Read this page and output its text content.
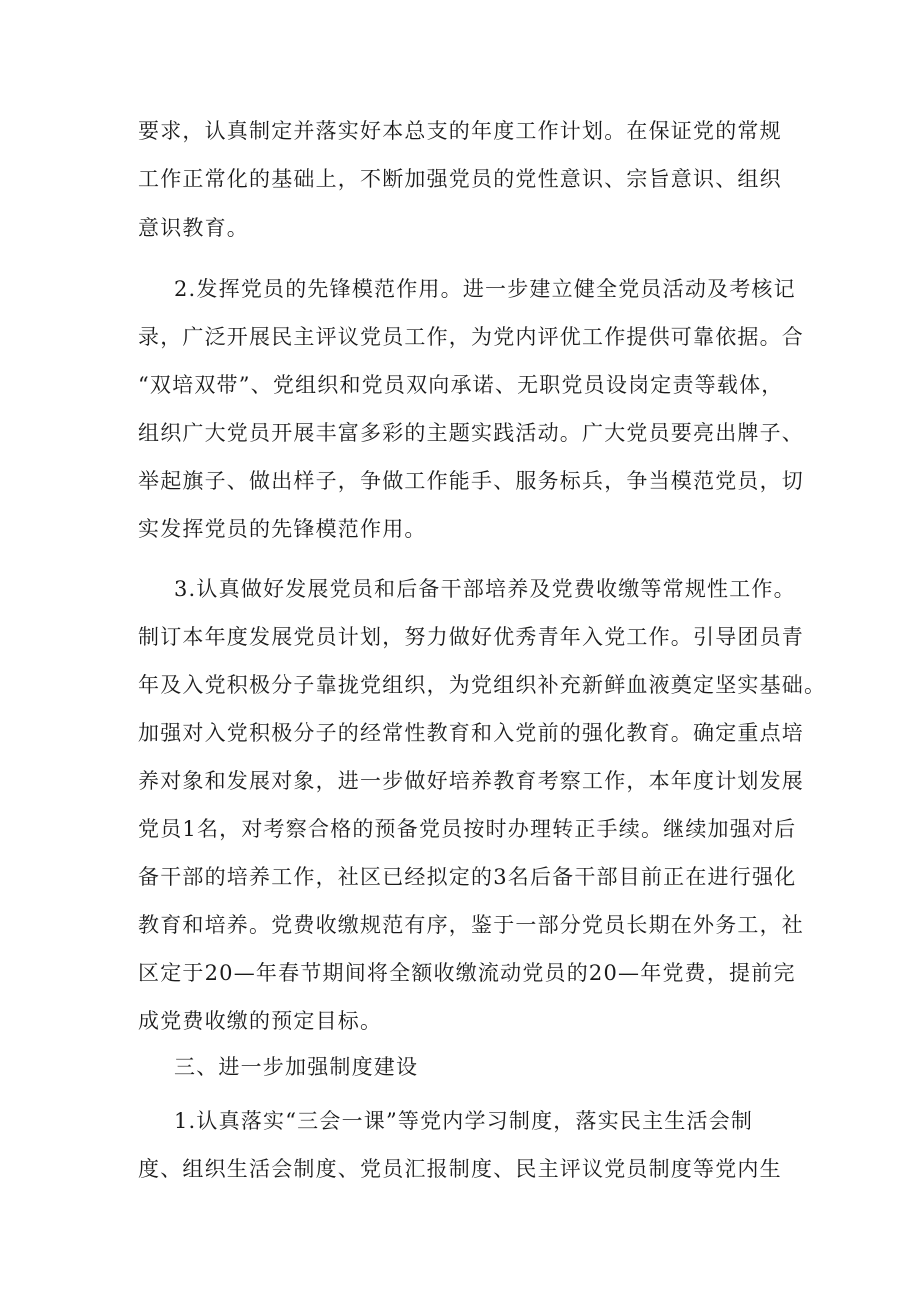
要求，认真制定并落实好本总支的年度工作计划。在保证党的常规

工作正常化的基础上，不断加强党员的党性意识、宗旨意识、组织

意识教育。

2.发挥党员的先锋模范作用。进一步建立健全党员活动及考核记

录，广泛开展民主评议党员工作，为党内评优工作提供可靠依据。合

“双培双带”、党组织和党员双向承诺、无职党员设岗定责等载体，

组织广大党员开展丰富多彩的主题实践活动。广大党员要亮出牌子、

举起旗子、做出样子，争做工作能手、服务标兵，争当模范党员，切

实发挥党员的先锋模范作用。

3.认真做好发展党员和后备干部培养及党费收缴等常规性工作。

制订本年度发展党员计划，努力做好优秀青年入党工作。引导团员青

年及入党积极分子靠拢党组织，为党组织补充新鲜血液奠定坚实基础。

加强对入党积极分子的经常性教育和入党前的强化教育。确定重点培

养对象和发展对象，进一步做好培养教育考察工作，本年度计划发展

党员1名，对考察合格的预备党员按时办理转正手续。继续加强对后

备干部的培养工作，社区已经拟定的3名后备干部目前正在进行强化

教育和培养。党费收缴规范有序，鉴于一部分党员长期在外务工，社

区定于20—年春节期间将全额收缴流动党员的20—年党费，提前完

成党费收缴的预定目标。

三、进一步加强制度建设

1.认真落实“三会一课”等党内学习制度，落实民主生活会制

度、组织生活会制度、党员汇报制度、民主评议党员制度等党内生
